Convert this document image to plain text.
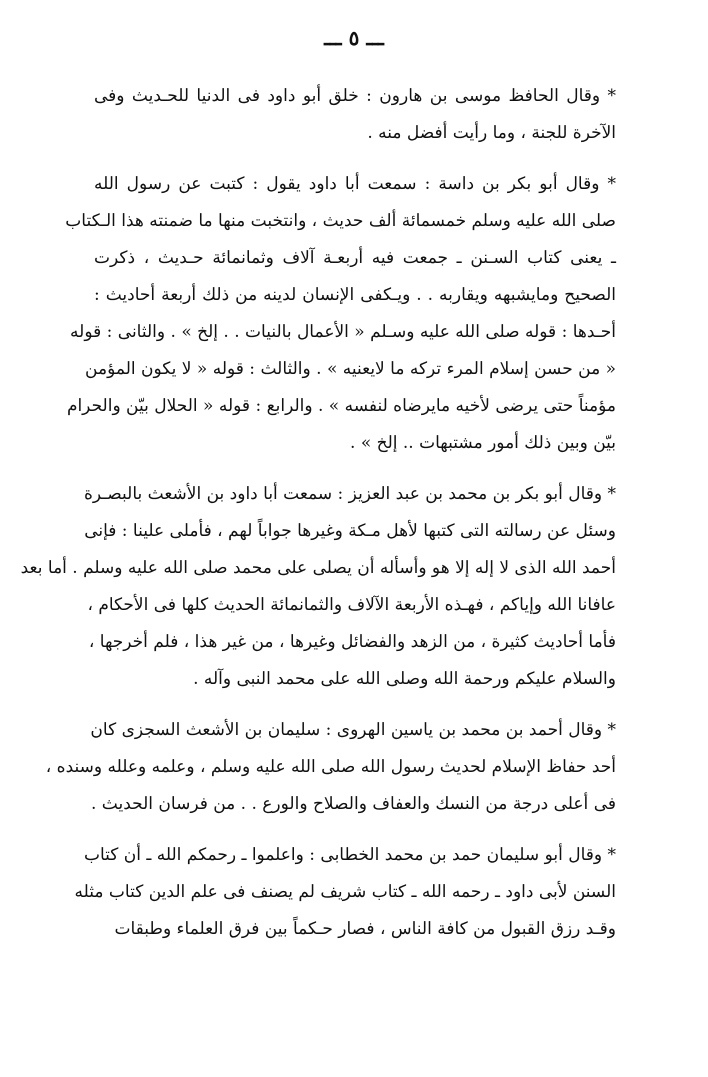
ـــ ٥ ـــ
* وقال الحافظ موسى بن هارون : خلق أبو داود فى الدنيا للحـديث وفى
الآخرة للجنة ، وما رأيت أفضل منه .
* وقال أبو بكر بن داسة : سمعت أبا داود يقول : كتبت عن رسول الله
صلى الله عليه وسلم خمسمائة ألف حديث ، وانتخبت منها ما ضمنته هذا الـكتاب
ـ يعنى كتاب السـنن ـ جمعت فيه أربعـة آلاف وثمانمائة حـديث ، ذكرت
الصحيح ومايشبهه ويقاربه . . ويـكفى الإنسان لدينه من ذلك أربعة أحاديث :
أحـدها : قوله صلى الله عليه وسـلم « الأعمال بالنيات . . إلخ » . والثانى : قوله
« من حسن إسلام المرء تركه ما لايعنيه » . والثالث : قوله « لا يكون المؤمن
مؤمناً حتى يرضى لأخيه مايرضاه لنفسه » . والرابع : قوله « الحلال بيّن والحرام
بيّن وبين ذلك أمور مشتبهات .. إلخ » .
* وقال أبو بكر بن محمد بن عبد العزيز : سمعت أبا داود بن الأشعث بالبصـرة
وسئل عن رسالته التى كتبها لأهل مـكة وغيرها جواباً لهم ، فأملى علينا : فإنى
أحمد الله الذى لا إله إلا هو وأسأله أن يصلى على محمد صلى الله عليه وسلم . أما بعد
عافانا الله وإياكم ، فهـذه الأربعة الآلاف والثمانمائة الحديث كلها فى الأحكام ،
فأما أحاديث كثيرة ، من الزهد والفضائل وغيرها ، من غير هذا ، فلم أخرجها ،
والسلام عليكم ورحمة الله وصلى الله على محمد النبى وآله .
* وقال أحمد بن محمد بن ياسين الهروى : سليمان بن الأشعث السجزى كان
أحد حفاظ الإسلام لحديث رسول الله صلى الله عليه وسلم ، وعلمه وعلله وسنده ،
فى أعلى درجة من النسك والعفاف والصلاح والورع . . من فرسان الحديث .
* وقال أبو سليمان حمد بن محمد الخطابى : واعلموا ـ رحمكم الله ـ أن كتاب
السنن لأبى داود ـ رحمه الله ـ كتاب شريف لم يصنف فى علم الدين كتاب مثله
وقـد رزق القبول من كافة الناس ، فصار حـكماً بين فرق العلماء وطبقات
